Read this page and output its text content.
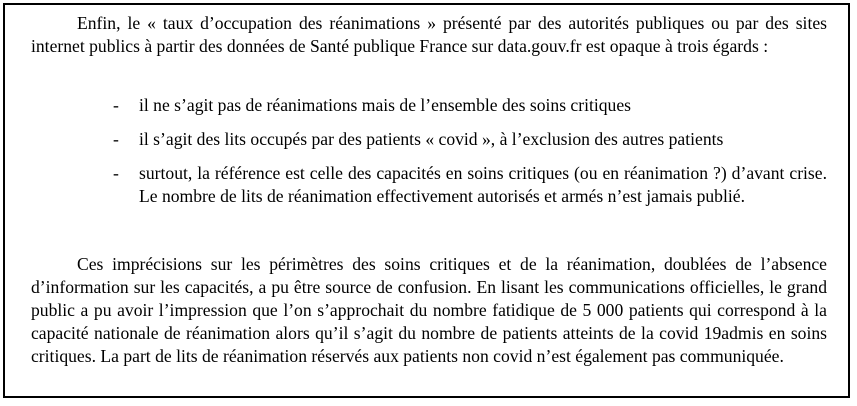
Enfin, le « taux d’occupation des réanimations » présenté par des autorités publiques ou par des sites internet publics à partir des données de Santé publique France sur data.gouv.fr est opaque à trois égards :

- il ne s’agit pas de réanimations mais de l’ensemble des soins critiques
- il s’agit des lits occupés par des patients « covid », à l’exclusion des autres patients
- surtout, la référence est celle des capacités en soins critiques (ou en réanimation ?) d’avant crise. Le nombre de lits de réanimation effectivement autorisés et armés n’est jamais publié.

Ces imprécisions sur les périmètres des soins critiques et de la réanimation, doublées de l’absence d’information sur les capacités, a pu être source de confusion. En lisant les communications officielles, le grand public a pu avoir l’impression que l’on s’approchait du nombre fatidique de 5 000 patients qui correspond à la capacité nationale de réanimation alors qu’il s’agit du nombre de patients atteints de la covid 19admis en soins critiques. La part de lits de réanimation réservés aux patients non covid n’est également pas communiquée.
